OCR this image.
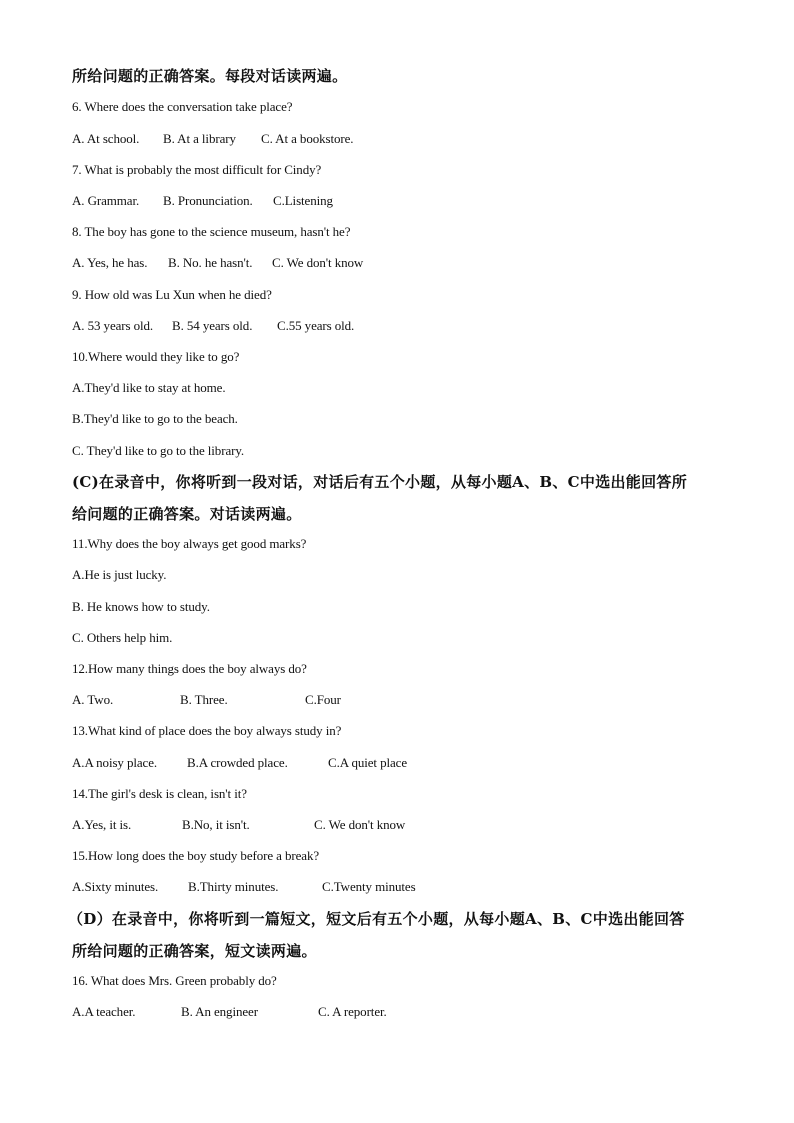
所给问题的正确答案。每段对话读两遍。
6. Where does the conversation take place?
A. At school. B. At a library C. At a bookstore.
7. What is probably the most difficult for Cindy?
A. Grammar. B. Pronunciation. C.Listening
8. The boy has gone to the science museum, hasn't he?
A. Yes, he has. B. No. he hasn't. C. We don't know
9. How old was Lu Xun when he died?
A. 53 years old. B. 54 years old. C.55 years old.
10.Where would they like to go?
A.They'd like to stay at home.
B.They'd like to go to the beach.
C. They'd like to go to the library.
(C)在录音中，你将听到一段对话，对话后有五个小题，从每小题A、B、C中选出能回答所
给问题的正确答案。对话读两遍。
11.Why does the boy always get good marks?
A.He is just lucky.
B. He knows how to study.
C. Others help him.
12.How many things does the boy always do?
A. Two.	B. Three.	C.Four
13.What kind of place does the boy always study in?
A.A noisy place. B.A crowded place.	C.A quiet place
14.The girl's desk is clean, isn't it?
A.Yes, it is.	B.No, it isn't.	C. We don't know
15.How long does the boy study before a break?
A.Sixty minutes. B.Thirty minutes.	C.Twenty minutes
（D）在录音中，你将听到一篇短文，短文后有五个小题，从每小题A、B、C中选出能回答
所给问题的正确答案，短文读两遍。
16. What does Mrs. Green probably do?
A.A teacher.	B. An engineer	C. A reporter.
